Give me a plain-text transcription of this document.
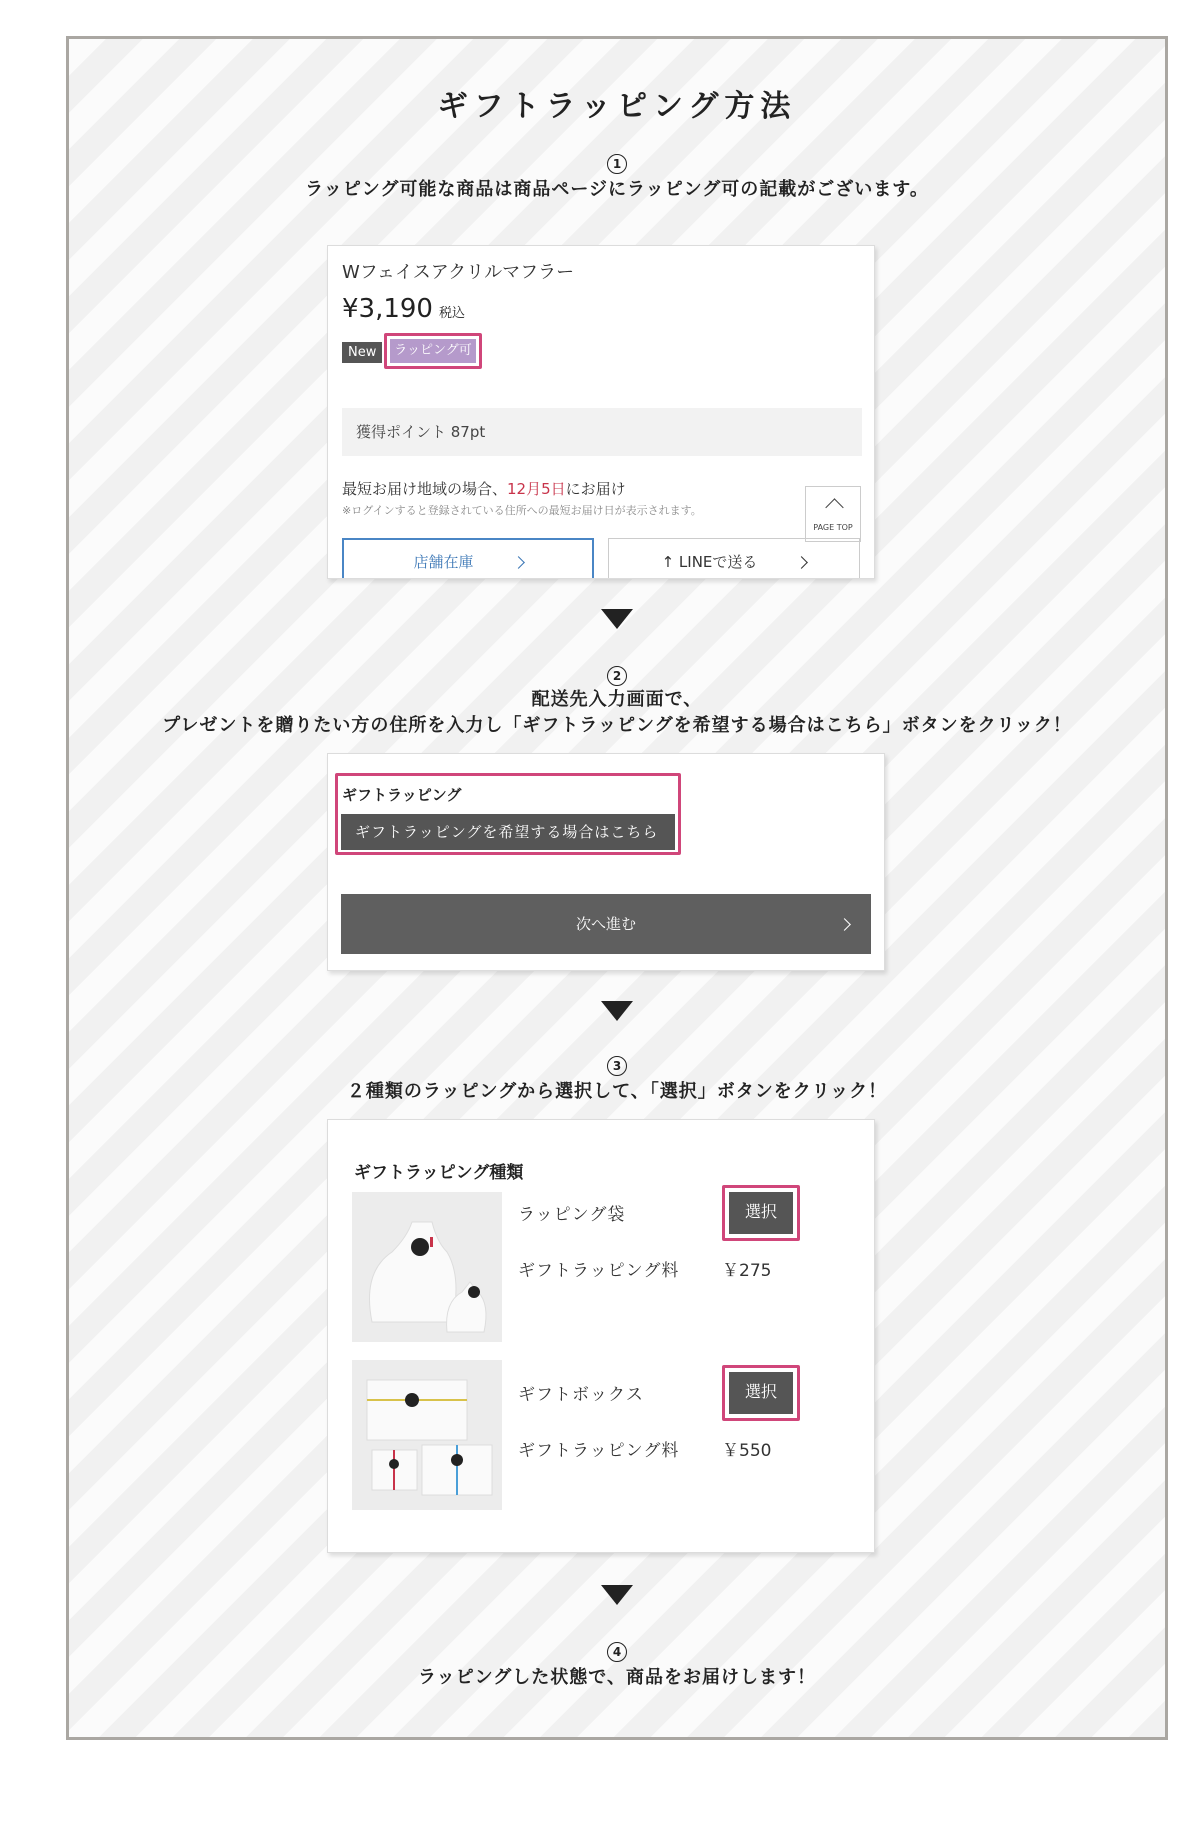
ギフトラッピング方法
1
ラッピング可能な商品は商品ページにラッピング可の記載がございます。
Wフェイスアクリルマフラー
¥3,190 税込
New	ラッピング可
獲得ポイント 87pt
最短お届け地域の場合、12月5日にお届け
※ログインすると登録されている住所への最短お届け日が表示されます。
PAGE TOP
店舗在庫	↑ LINEで送る
2
配送先入力画面で、
プレゼントを贈りたい方の住所を入力し「ギフトラッピングを希望する場合はこちら」ボタンをクリック！
ギフトラッピング
ギフトラッピングを希望する場合はこちら
次へ進む
3
２種類のラッピングから選択して、「選択」ボタンをクリック！
ギフトラッピング種類
ラッピング袋
ギフトラッピング料	￥275
選択
ギフトボックス
ギフトラッピング料	￥550
選択
4
ラッピングした状態で、商品をお届けします！
